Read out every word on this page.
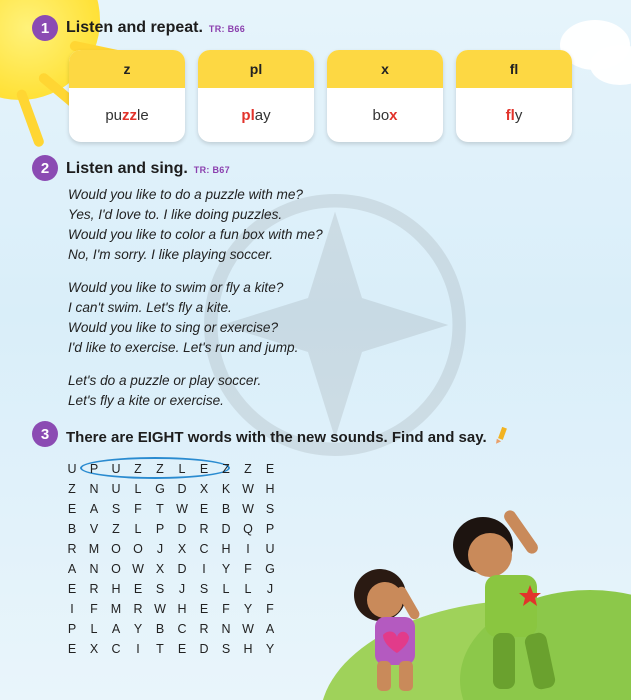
1	Listen and repeat. TR: B66
z
pu zz le
pl
pl ay
x
bo x
fl
fl y
2	Listen and sing. TR: B67
Would you like to do a puzzle with me?
Yes, I'd love to. I like doing puzzles.
Would you like to color a fun box with me?
No, I'm sorry. I like playing soccer.
Would you like to swim or fly a kite?
I can't swim. Let's fly a kite.
Would you like to sing or exercise?
I'd like to exercise. Let's run and jump.
Let's do a puzzle or play soccer.
Let's fly a kite or exercise.
3	There are EIGHT words with the new sounds. Find and say.
U	P	U	Z	Z	L	E	Z	Z	E
Z	N	U	L	G	D	X	K W H
E	A	S	F	T W E	B W S
B	V	Z	L	P	D	R	D	Q	P
R M O O	J	X	C	H	I	U
A	N	O W X	D	I	Y	F	G
E	R	H	E	S	J	S	L	L	J
I	F	M R W H	E	F	Y	F
P	L	A	Y	B	C	R	N W A
E	X	C	I	T	E	D	S	H	Y
